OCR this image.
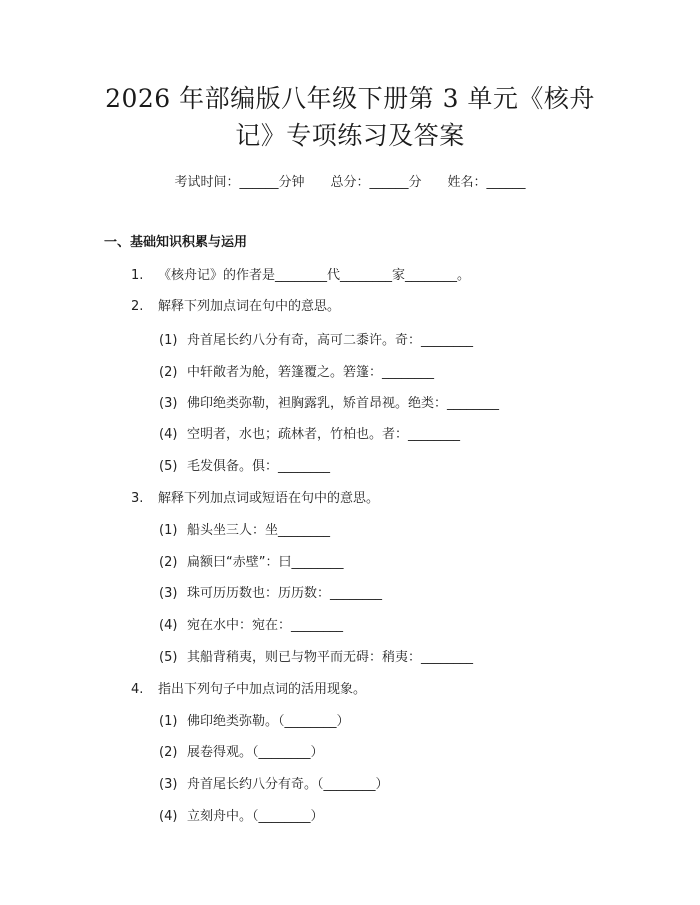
2026 年部编版八年级下册第 3 单元《核舟
记》专项练习及答案
考试时间：______分钟 总分：______分 姓名：______
一、基础知识积累与运用
1. 《核舟记》的作者是________代________家________。
2. 解释下列加点词在句中的意思。
(1) 舟首尾长约八分有奇，高可二黍许。奇：________
(2) 中轩敞者为舱，箬篷覆之。箬篷：________
(3) 佛印绝类弥勒，袒胸露乳，矫首昂视。绝类：________
(4) 空明者，水也；疏林者，竹柏也。者：________
(5) 毛发俱备。俱：________
3. 解释下列加点词或短语在句中的意思。
(1) 船头坐三人：坐________
(2) 扁额曰“赤壁”：曰________
(3) 珠可历历数也：历历数：________
(4) 宛在水中：宛在：________
(5) 其船背稍夷，则已与物平而无碍：稍夷：________
4. 指出下列句子中加点词的活用现象。
(1) 佛印绝类弥勒。（________）
(2) 展卷得观。（________）
(3) 舟首尾长约八分有奇。（________）
(4) 立刻舟中。（________）
